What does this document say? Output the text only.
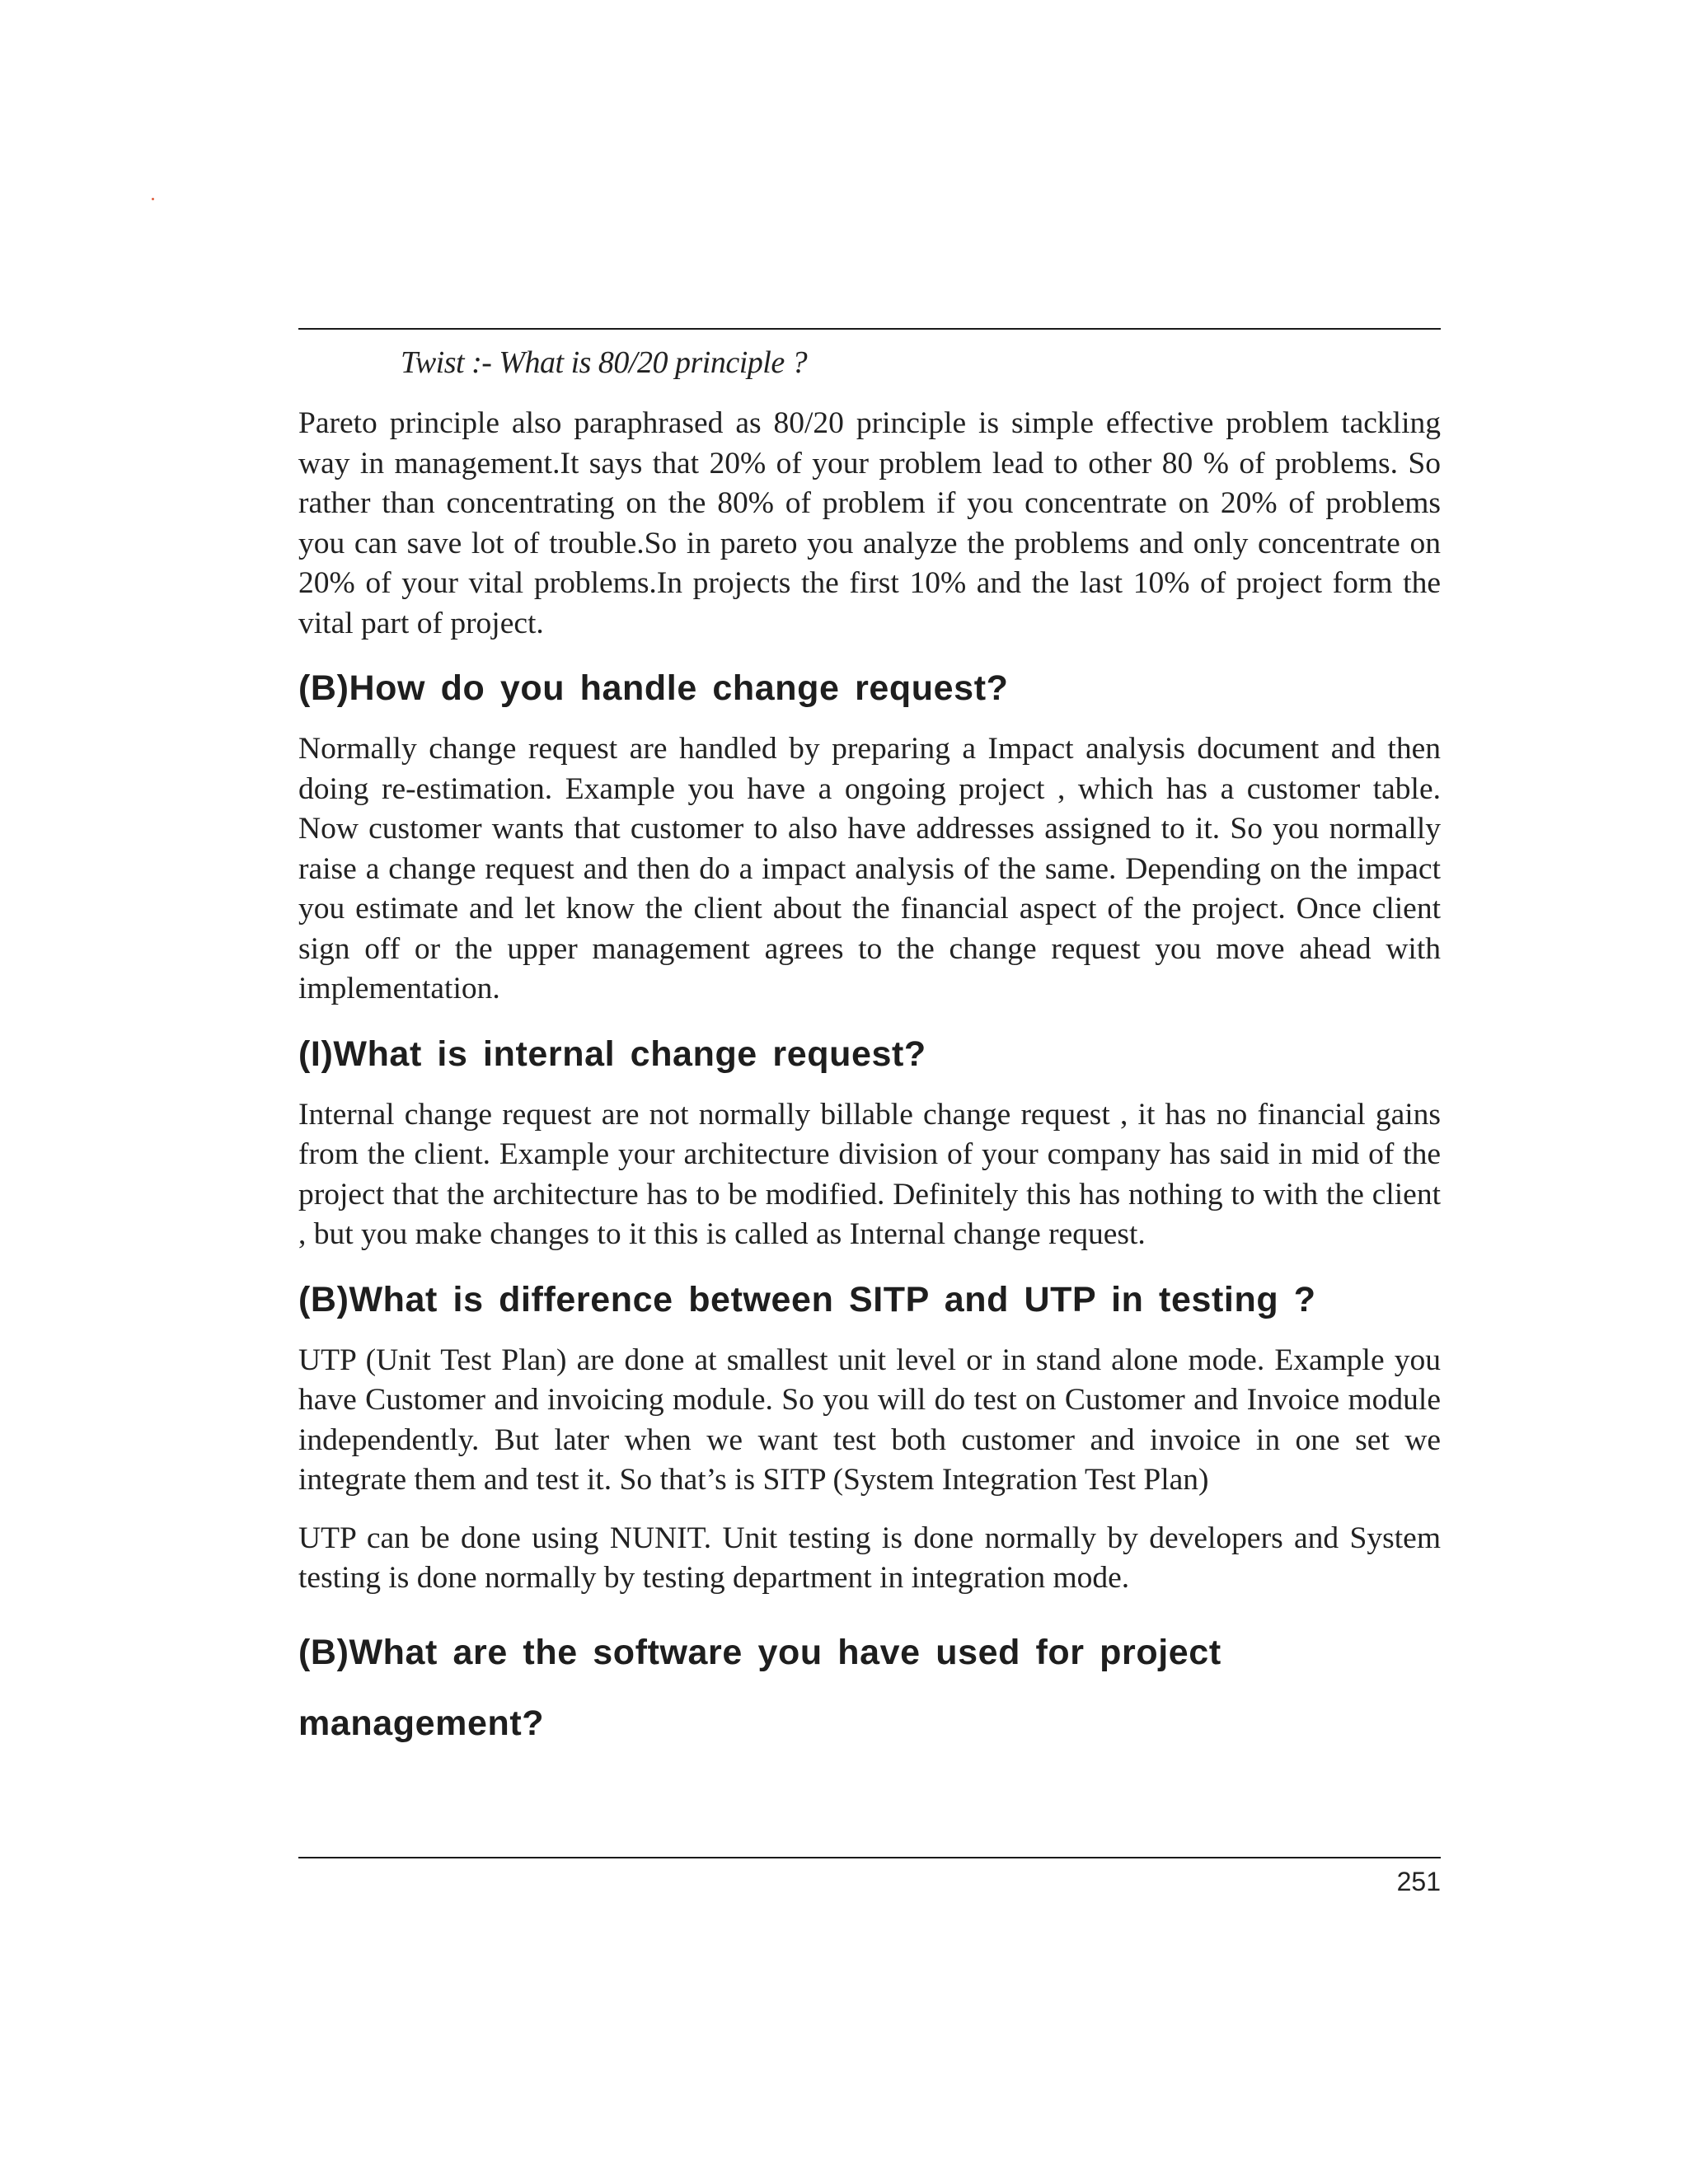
Twist :- What is 80/20 principle ?

Pareto principle also paraphrased as 80/20 principle is simple effective problem tackling way in management.It says that 20% of your problem lead to other 80 % of problems. So rather than concentrating on the 80% of problem if you concentrate on 20% of problems you can save lot of trouble.So in pareto you analyze the problems and only concentrate on 20% of your vital problems.In projects the first 10% and the last 10% of project form the vital part of project.

(B)How do you handle change request?

Normally change request are handled by preparing a Impact analysis document and then doing re-estimation. Example you have a ongoing project , which has a customer table. Now customer wants that customer to also have addresses assigned to it. So you normally raise a change request and then do a impact analysis of the same. Depending on the impact you estimate and let know the client about the financial aspect of the project. Once client sign off or the upper management agrees to the change request you move ahead with implementation.

(I)What is internal change request?

Internal change request are not normally billable change request , it has no financial gains from the client. Example your architecture division of your company has said in mid of the project that the architecture has to be modified. Definitely this has nothing to with the client , but you make changes to it this is called as Internal change request.

(B)What is difference between SITP and UTP in testing ?

UTP (Unit Test Plan) are done at smallest unit level or in stand alone mode. Example you have Customer and invoicing module. So you will do test on Customer and Invoice module independently. But later when we want test both customer and invoice in one set we integrate them and test it. So that’s is SITP (System Integration Test Plan)

UTP can be done using NUNIT. Unit testing is done normally by developers and System testing is done normally by testing department in integration mode.

(B)What are the software you have used for project management?
251
